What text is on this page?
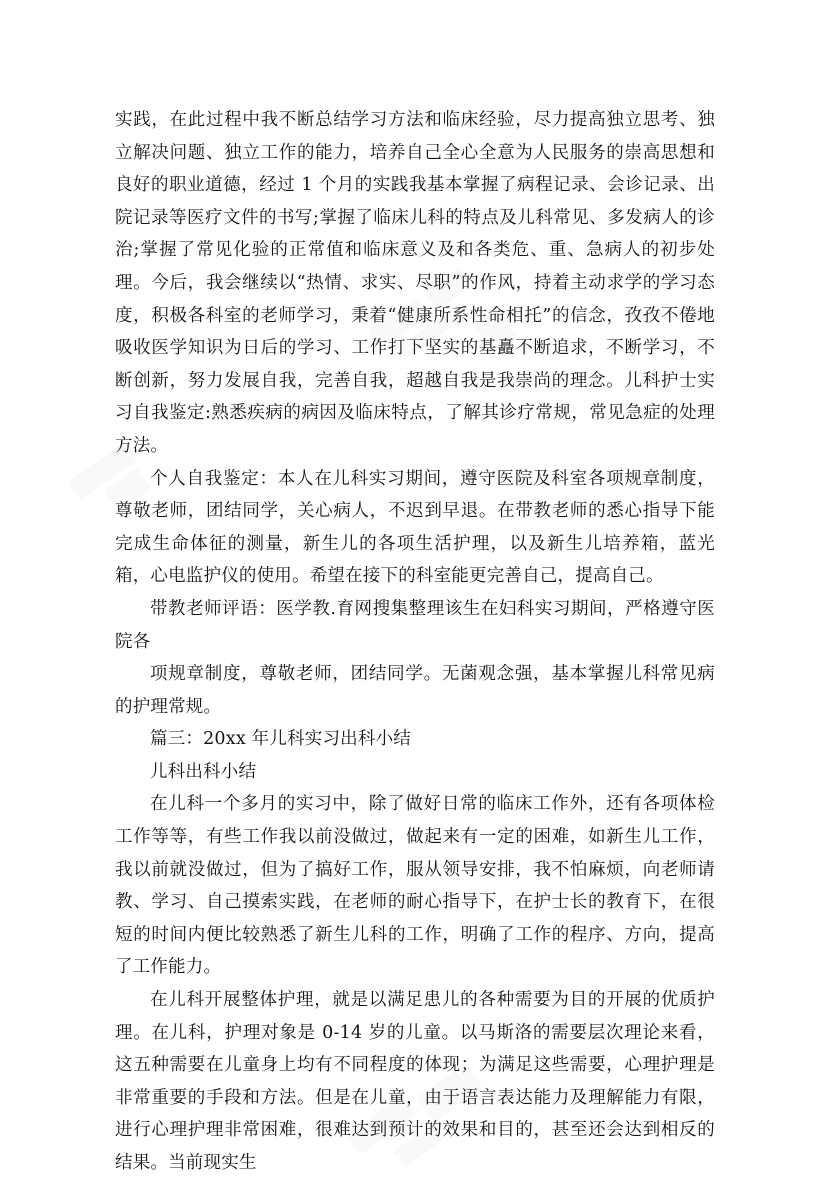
实践，在此过程中我不断总结学习方法和临床经验，尽力提高独立思考、独立解决问题、独立工作的能力，培养自己全心全意为人民服务的崇高思想和良好的职业道德，经过 1 个月的实践我基本掌握了病程记录、会诊记录、出院记录等医疗文件的书写;掌握了临床儿科的特点及儿科常见、多发病人的诊治;掌握了常见化验的正常值和临床意义及和各类危、重、急病人的初步处理。今后，我会继续以“热情、求实、尽职”的作风，持着主动求学的学习态度，积极各科室的老师学习，秉着“健康所系性命相托”的信念，孜孜不倦地吸收医学知识为日后的学习、工作打下坚实的基矗不断追求，不断学习，不断创新，努力发展自我，完善自我，超越自我是我崇尚的理念。儿科护士实习自我鉴定:熟悉疾病的病因及临床特点，了解其诊疗常规，常见急症的处理方法。

个人自我鉴定：本人在儿科实习期间，遵守医院及科室各项规章制度，尊敬老师，团结同学，关心病人，不迟到早退。在带教老师的悉心指导下能完成生命体征的测量，新生儿的各项生活护理，以及新生儿培养箱，蓝光箱，心电监护仪的使用。希望在接下的科室能更完善自己，提高自己。

带教老师评语：医学教.育网搜集整理该生在妇科实习期间，严格遵守医院各

项规章制度，尊敬老师，团结同学。无菌观念强，基本掌握儿科常见病的护理常规。

篇三：20xx 年儿科实习出科小结

儿科出科小结

在儿科一个多月的实习中，除了做好日常的临床工作外，还有各项体检工作等等，有些工作我以前没做过，做起来有一定的困难，如新生儿工作，我以前就没做过，但为了搞好工作，服从领导安排，我不怕麻烦，向老师请教、学习、自己摸索实践，在老师的耐心指导下，在护士长的教育下，在很短的时间内便比较熟悉了新生儿科的工作，明确了工作的程序、方向，提高了工作能力。

在儿科开展整体护理，就是以满足患儿的各种需要为目的开展的优质护理。在儿科，护理对象是 0-14 岁的儿童。以马斯洛的需要层次理论来看，这五种需要在儿童身上均有不同程度的体现；为满足这些需要，心理护理是非常重要的手段和方法。但是在儿童，由于语言表达能力及理解能力有限，进行心理护理非常困难，很难达到预计的效果和目的，甚至还会达到相反的结果。当前现实生
